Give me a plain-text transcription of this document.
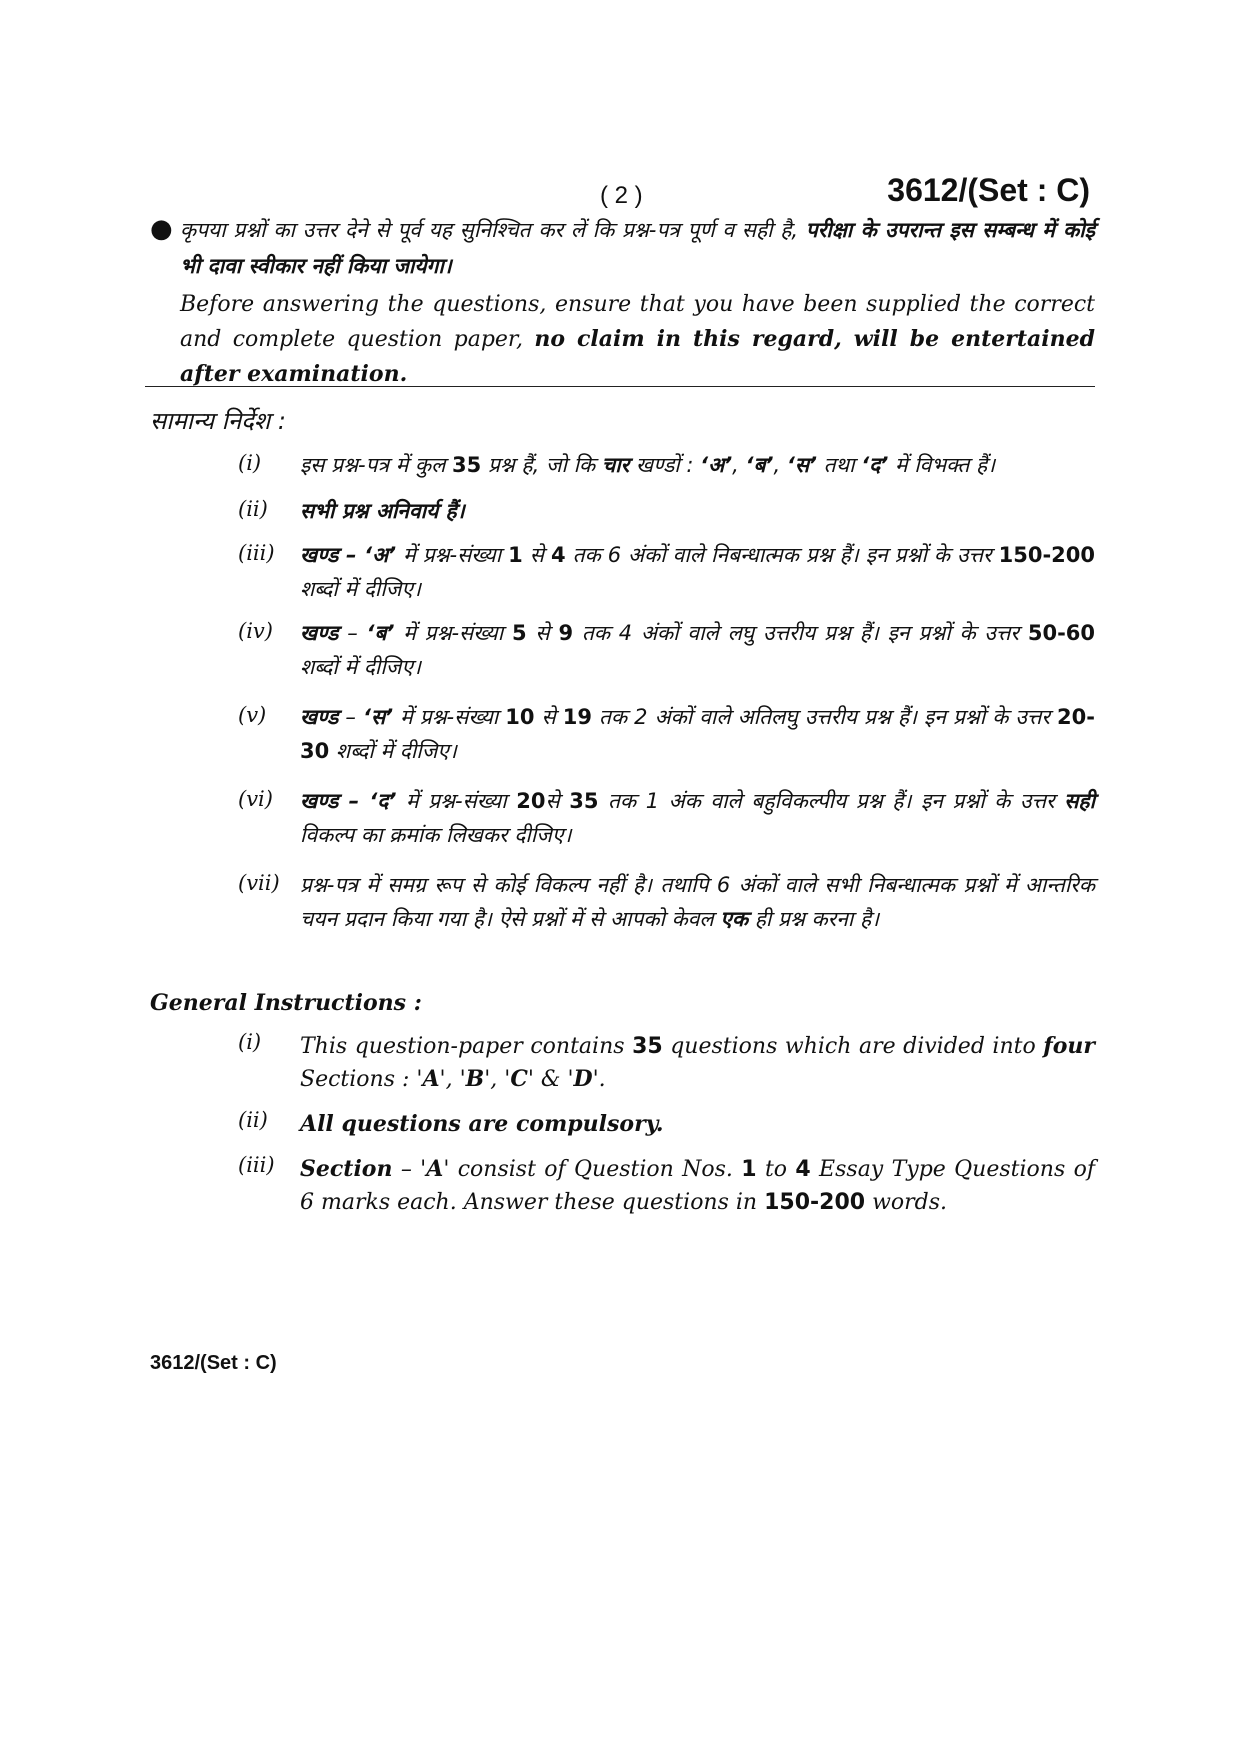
( 2 )	3612/(Set : C)
● कृपया प्रश्नों का उत्तर देने से पूर्व यह सुनिश्चित कर लें कि प्रश्न-पत्र पूर्ण व सही है, परीक्षा के उपरान्त इस सम्बन्ध में कोई भी दावा स्वीकार नहीं किया जायेगा।

Before answering the questions, ensure that you have been supplied the correct and complete question paper, no claim in this regard, will be entertained after examination.

सामान्य निर्देश :
(i) इस प्रश्न-पत्र में कुल 35 प्रश्न हैं, जो कि चार खण्डों : ‘अ’, ‘ब’, ‘स’ तथा ‘द’ में विभक्त हैं।
(ii) सभी प्रश्न अनिवार्य हैं।
(iii) खण्ड – ‘अ’ में प्रश्न-संख्या 1 से 4 तक 6 अंकों वाले निबन्धात्मक प्रश्न हैं। इन प्रश्नों के उत्तर 150-200 शब्दों में दीजिए।
(iv) खण्ड – ‘ब’ में प्रश्न-संख्या 5 से 9 तक 4 अंकों वाले लघु उत्तरीय प्रश्न हैं। इन प्रश्नों के उत्तर 50-60 शब्दों में दीजिए।
(v) खण्ड – ‘स’ में प्रश्न-संख्या 10 से 19 तक 2 अंकों वाले अतिलघु उत्तरीय प्रश्न हैं। इन प्रश्नों के उत्तर 20-30 शब्दों में दीजिए।
(vi) खण्ड – ‘द’ में प्रश्न-संख्या 20से 35 तक 1 अंक वाले बहुविकल्पीय प्रश्न हैं। इन प्रश्नों के उत्तर सही विकल्प का क्रमांक लिखकर दीजिए।
(vii) प्रश्न-पत्र में समग्र रूप से कोई विकल्प नहीं है। तथापि 6 अंकों वाले सभी निबन्धात्मक प्रश्नों में आन्तरिक चयन प्रदान किया गया है। ऐसे प्रश्नों में से आपको केवल एक ही प्रश्न करना है।
General Instructions :
(i) This question-paper contains 35 questions which are divided into four Sections : 'A', 'B', 'C' & 'D'.
(ii) All questions are compulsory.
(iii) Section – 'A' consist of Question Nos. 1 to 4 Essay Type Questions of 6 marks each. Answer these questions in 150-200 words.
3612/(Set : C)
